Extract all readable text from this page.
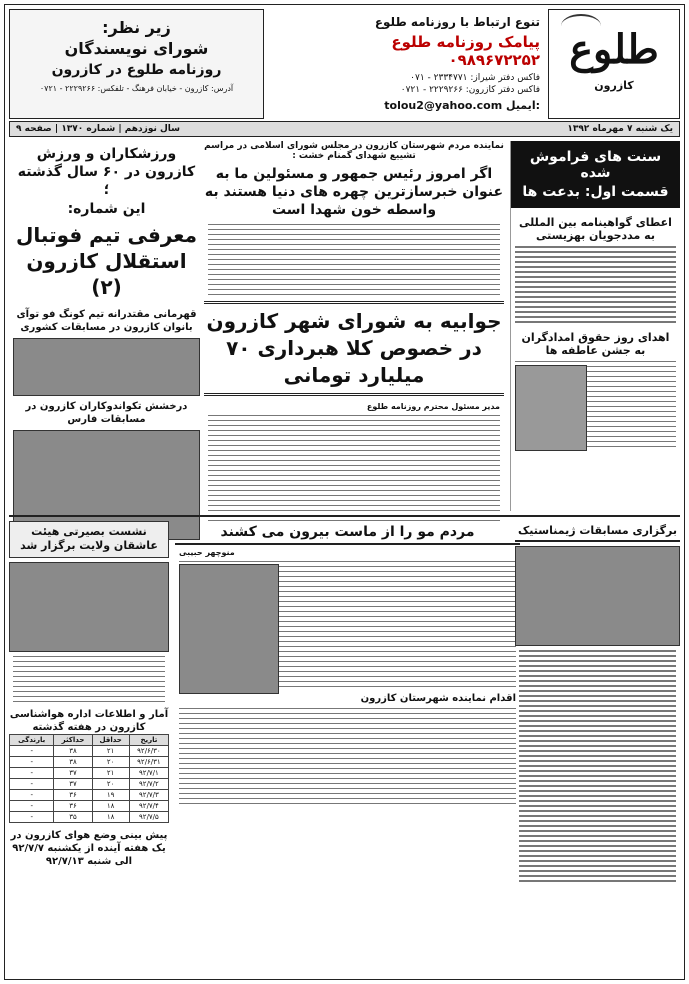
طلوع
کازرون
تنوع ارتباط با روزنامه طلوع
پیامک روزنامه طلوع ۰۹۸۹۶۷۲۲۵۲
فاکس دفتر شیراز: ۲۳۳۴۷۷۱ - ۰۷۱
فاکس دفتر کازرون: ۲۲۲۹۲۶۶ - ۰۷۲۱
tolou2@yahoo.com ایمیل:
زیر نظر:
شورای نویسندگان
روزنامه طلوع در کازرون
آدرس: کازرون - خیابان فرهنگ - تلفکس: ۲۲۲۹۲۶۶ - ۰۷۲۱
یک شنبه ۷ مهرماه ۱۳۹۲
سال نوزدهم | شماره ۱۳۷۰ | صفحه ۹
سنت های فراموش شده
قسمت اول: بدعت ها
اعطای گواهینامه بین المللی به مددجویان بهزیستی
اهدای روز حقوق امدادگران به جشن عاطفه ها
نماینده مردم شهرستان کازرون در مجلس شورای اسلامی در مراسم تشییع شهدای گمنام خشت :
اگر امروز رئیس جمهور و مسئولین ما به عنوان خبرسازترین چهره های دنیا هستند به واسطه خون شهدا است
جوابیه به شورای شهر کازرون در خصوص کلا هبرداری ۷۰ میلیارد تومانی
مدیر مسئول محترم روزنامه طلوع
ورزشکاران و ورزش کازرون در ۶۰ سال گذشته ؛
این شماره:
معرفی تیم فوتبال استقلال کازرون (۲)
قهرمانی مقتدرانه تیم کونگ فو توآی بانوان کازرون در مسابقات کشوری
درخشش تکواندوکاران کازرون در مسابقات فارس
نشست بصیرتی هیئت عاشقان ولایت برگزار شد
آمار و اطلاعات اداره هواشناسی کازرون در هفته گذشته
تاریخ	حداقل	حداکثر	بارندگی
۹۲/۶/۳۰	۲۱	۳۸	-
۹۲/۶/۳۱	۲۰	۳۸	-
۹۲/۷/۱	۲۱	۳۷	-
۹۲/۷/۲	۲۰	۳۷	-
۹۲/۷/۳	۱۹	۳۶	-
۹۲/۷/۴	۱۸	۳۶	-
۹۲/۷/۵	۱۸	۳۵	-
پیش بینی وضع هوای کازرون در یک هفته آینده از یکشنبه ۹۲/۷/۷ الی شنبه ۹۲/۷/۱۳
مردم مو را از ماست بیرون می کشند
منوچهر حبیبی
اقدام نماینده شهرستان کازرون
برگزاری مسابقات ژیمناستیک
